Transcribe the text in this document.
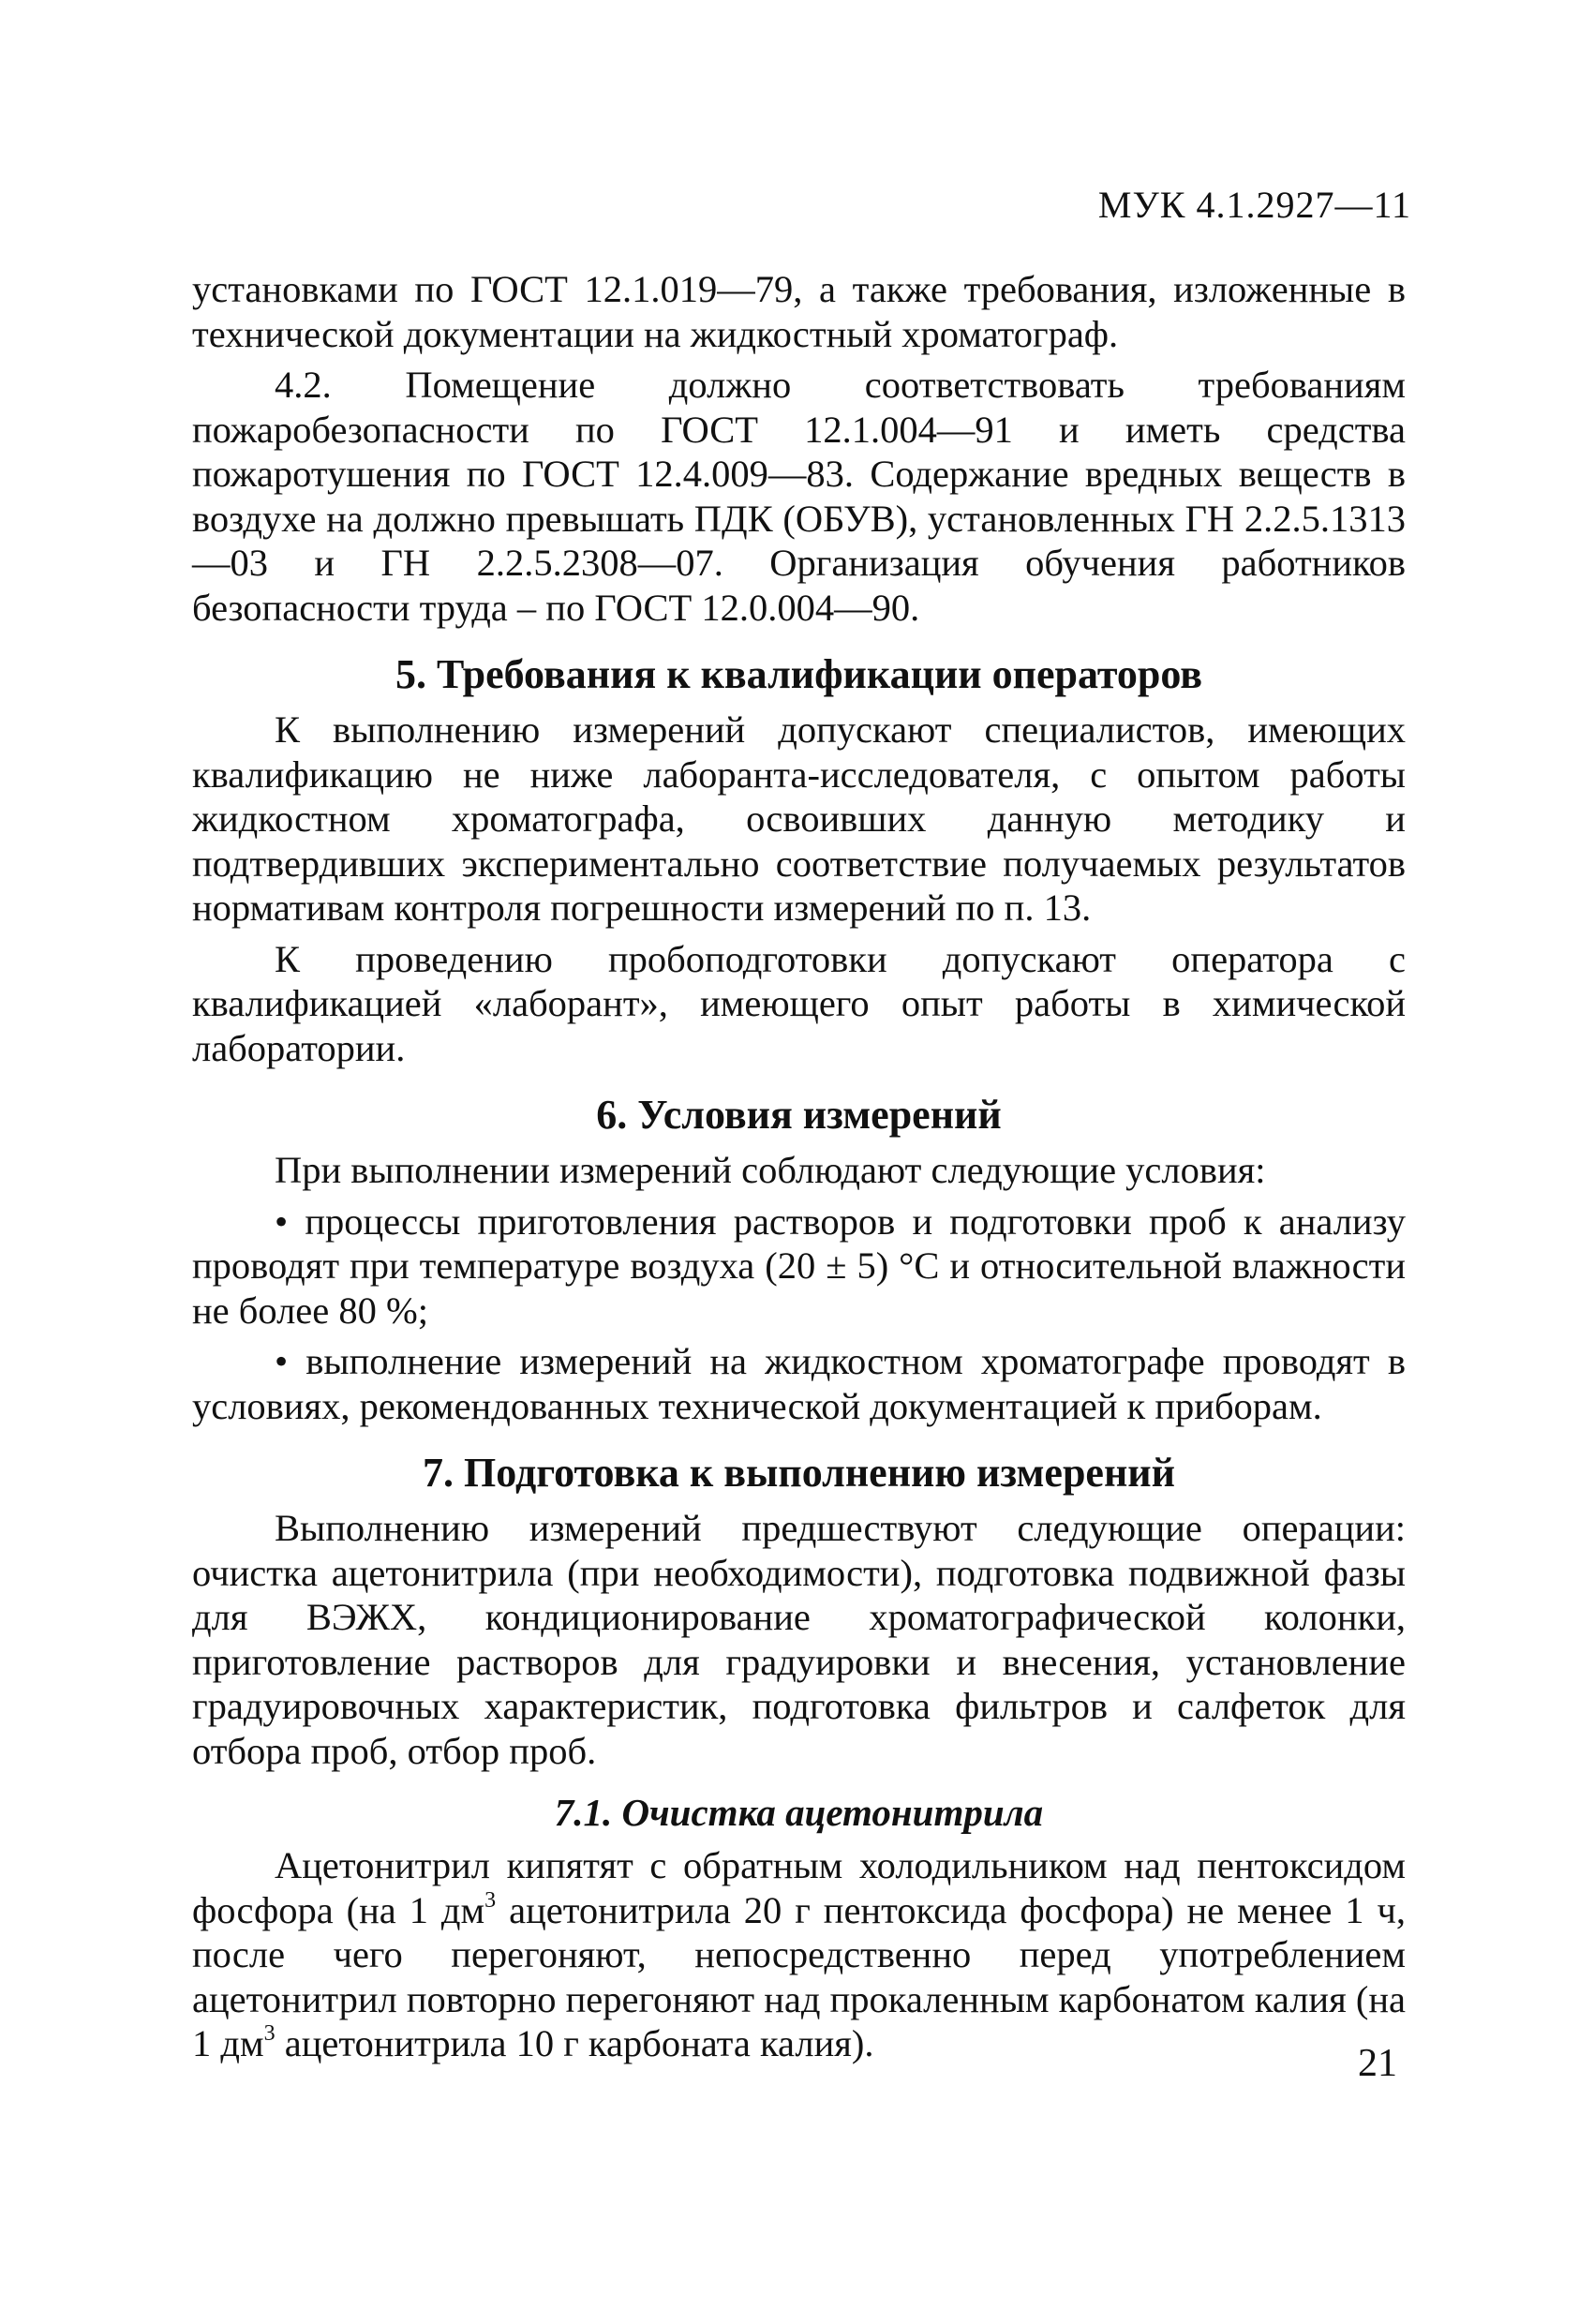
МУК 4.1.2927—11

установками по ГОСТ 12.1.019—79, а также требования, изложенные в технической документации на жидкостный хроматограф.

4.2. Помещение должно соответствовать требованиям пожаробезопасности по ГОСТ 12.1.004—91 и иметь средства пожаротушения по ГОСТ 12.4.009—83. Содержание вредных веществ в воздухе на должно превышать ПДК (ОБУВ), установленных ГН 2.2.5.1313—03 и ГН 2.2.5.2308—07. Организация обучения работников безопасности труда – по ГОСТ 12.0.004—90.

5. Требования к квалификации операторов

К выполнению измерений допускают специалистов, имеющих квалификацию не ниже лаборанта-исследователя, с опытом работы жидкостном хроматографа, освоивших данную методику и подтвердивших экспериментально соответствие получаемых результатов нормативам контроля погрешности измерений по п. 13.

К проведению пробоподготовки допускают оператора с квалификацией «лаборант», имеющего опыт работы в химической лаборатории.

6. Условия измерений

При выполнении измерений соблюдают следующие условия:

• процессы приготовления растворов и подготовки проб к анализу проводят при температуре воздуха (20 ± 5) °С и относительной влажности не более 80 %;

• выполнение измерений на жидкостном хроматографе проводят в условиях, рекомендованных технической документацией к приборам.

7. Подготовка к выполнению измерений

Выполнению измерений предшествуют следующие операции: очистка ацетонитрила (при необходимости), подготовка подвижной фазы для ВЭЖХ, кондиционирование хроматографической колонки, приготовление растворов для градуировки и внесения, установление градуировочных характеристик, подготовка фильтров и салфеток для отбора проб, отбор проб.

7.1. Очистка ацетонитрила

Ацетонитрил кипятят с обратным холодильником над пентоксидом фосфора (на 1 $дм^3$ ацетонитрила 20 г пентоксида фосфора) не менее 1 ч, после чего перегоняют, непосредственно перед употреблением ацетонитрил повторно перегоняют над прокаленным карбонатом калия (на 1 $дм^3$ ацетонитрила 10 г карбоната калия).	21
